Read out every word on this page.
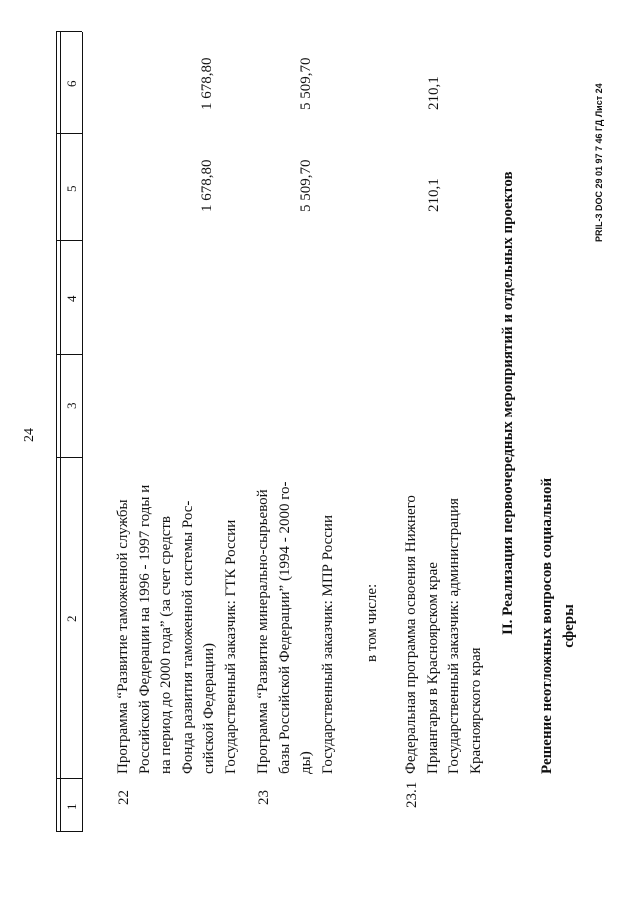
24
1
2
3
4
5
6
22
Программа “Развитие таможенной службы Российской Федерации на 1996 - 1997 годы и на период до 2000 года” (за счет средств Фонда развития таможенной системы Рос- сийской Федерации) Государственный заказчик: ГТК России
1 678,80
1 678,80
23
Программа “Развитие минерально-сырьевой базы Российской Федерации” (1994 - 2000 го- ды) Государственный заказчик: МПР России
5 509,70
5 509,70
в том числе:
23.1
Федеральная программа освоения Нижнего Приангарья в Красноярском крае Государственный заказчик: администрация Красноярского края
210,1
210,1
II. Реализация первоочередных мероприятий и отдельных проектов Решение неотложных вопросов социальной сферы
PRIL-3 DOC 29 01 97 7 46 ГД Лист 24
